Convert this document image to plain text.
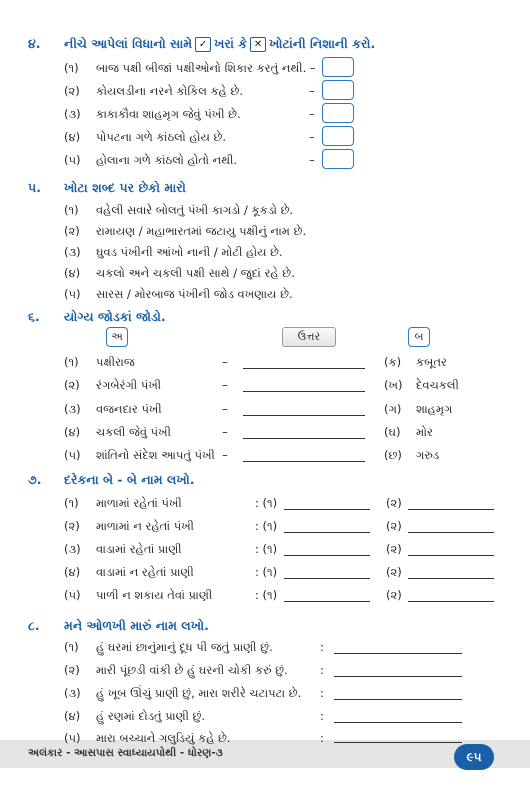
૪.	નીચે આપેલાં વિધાનો સામે ✓ ખરાં કે ✕ ખોટાંની નિશાની કરો.
(૧) બાજ પક્ષી બીજાં પક્ષીઓનો શિકાર કરતું નથી. –
(૨) કોયલડીના નરને કોકિલ કહે છે.	–
(૩) કાકાકૌવા શાહમૃગ જેવું પંખી છે.	–
(૪) પોપટના ગળે કાંઠલો હોય છે.	–
(૫) હોલાના ગળે કાંઠલો હોતો નથી.	–
૫.	ખોટા શબ્દ પર છેકો મારો
(૧) વહેલી સવારે બોલતું પંખી કાગડો / કૂકડો છે.
(૨) રામાયણ / મહાભારતમાં જટાયુ પક્ષીનું નામ છે.
(૩) ઘુવડ પંખીની આંખો નાની / મોટી હોય છે.
(૪) ચકલો અને ચકલી પક્ષી સાથે / જુદાં રહે છે.
(૫) સારસ / મોરબાજ પંખીની જોડ વખણાય છે.
૬.	યોગ્ય જોડકાં જોડો.
અ	ઉત્તર	બ
(૧) પક્ષીરાજ	–	(ક) કબૂતર
(૨) રંગબેરંગી પંખી	–	(ખ) દેવચકલી
(૩) વજનદાર પંખી	–	(ગ) શાહમૃગ
(૪) ચકલી જેવું પંખી	–	(ઘ) મોર
(૫) શાંતિનો સંદેશ આપતું પંખી –	(છ) ગરુડ
૭.	દરેકના બે - બે નામ લખો.
(૧) માળામાં રહેતાં પંખી	: (૧)	(૨)
(૨) માળામાં ન રહેતાં પંખી	: (૧)	(૨)
(૩) વાડામાં રહેતાં પ્રાણી	: (૧)	(૨)
(૪) વાડામાં ન રહેતાં પ્રાણી	: (૧)	(૨)
(૫) પાળી ન શકાય તેવાં પ્રાણી	: (૧)	(૨)
૮.	મને ઓળખી મારું નામ લખો.
(૧) હું ઘરમાં છાનુંમાનું દૂધ પી જતું પ્રાણી છું.	:
(૨) મારી પૂંછડી વાંકી છે હું ઘરની ચોકી કરું છું.	:
(૩) હું ખૂબ ઊંચું પ્રાણી છું, મારા શરીરે ચટાપટા છે. :
(૪) હું રણમાં દોડતું પ્રાણી છું.	:
(૫) મારા બચ્ચાને ગલુડિયું કહે છે.	:
અલંકાર - આસપાસ સ્વાધ્યાયપોથી - ધોરણ-૩	૯૫
